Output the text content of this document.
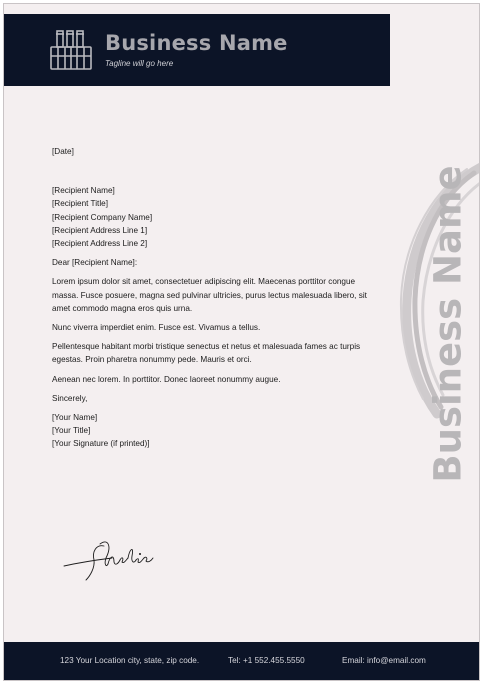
Business Name
Tagline will go here
Business Name

[Date]

[Recipient Name]

[Recipient Title]

[Recipient Company Name]

[Recipient Address Line 1]

[Recipient Address Line 2]

Dear [Recipient Name]:

Lorem ipsum dolor sit amet, consectetuer adipiscing elit. Maecenas porttitor congue massa. Fusce posuere, magna sed pulvinar ultricies, purus lectus malesuada libero, sit amet commodo magna eros quis urna.

Nunc viverra imperdiet enim. Fusce est. Vivamus a tellus.

Pellentesque habitant morbi tristique senectus et netus et malesuada fames ac turpis egestas. Proin pharetra nonummy pede. Mauris et orci.

Aenean nec lorem. In porttitor. Donec laoreet nonummy augue.

Sincerely,

[Your Name]

[Your Title]

[Your Signature (if printed)]

123 Your Location city, state, zip code.	Tel: +1 552.455.5550	Email: info@email.com
